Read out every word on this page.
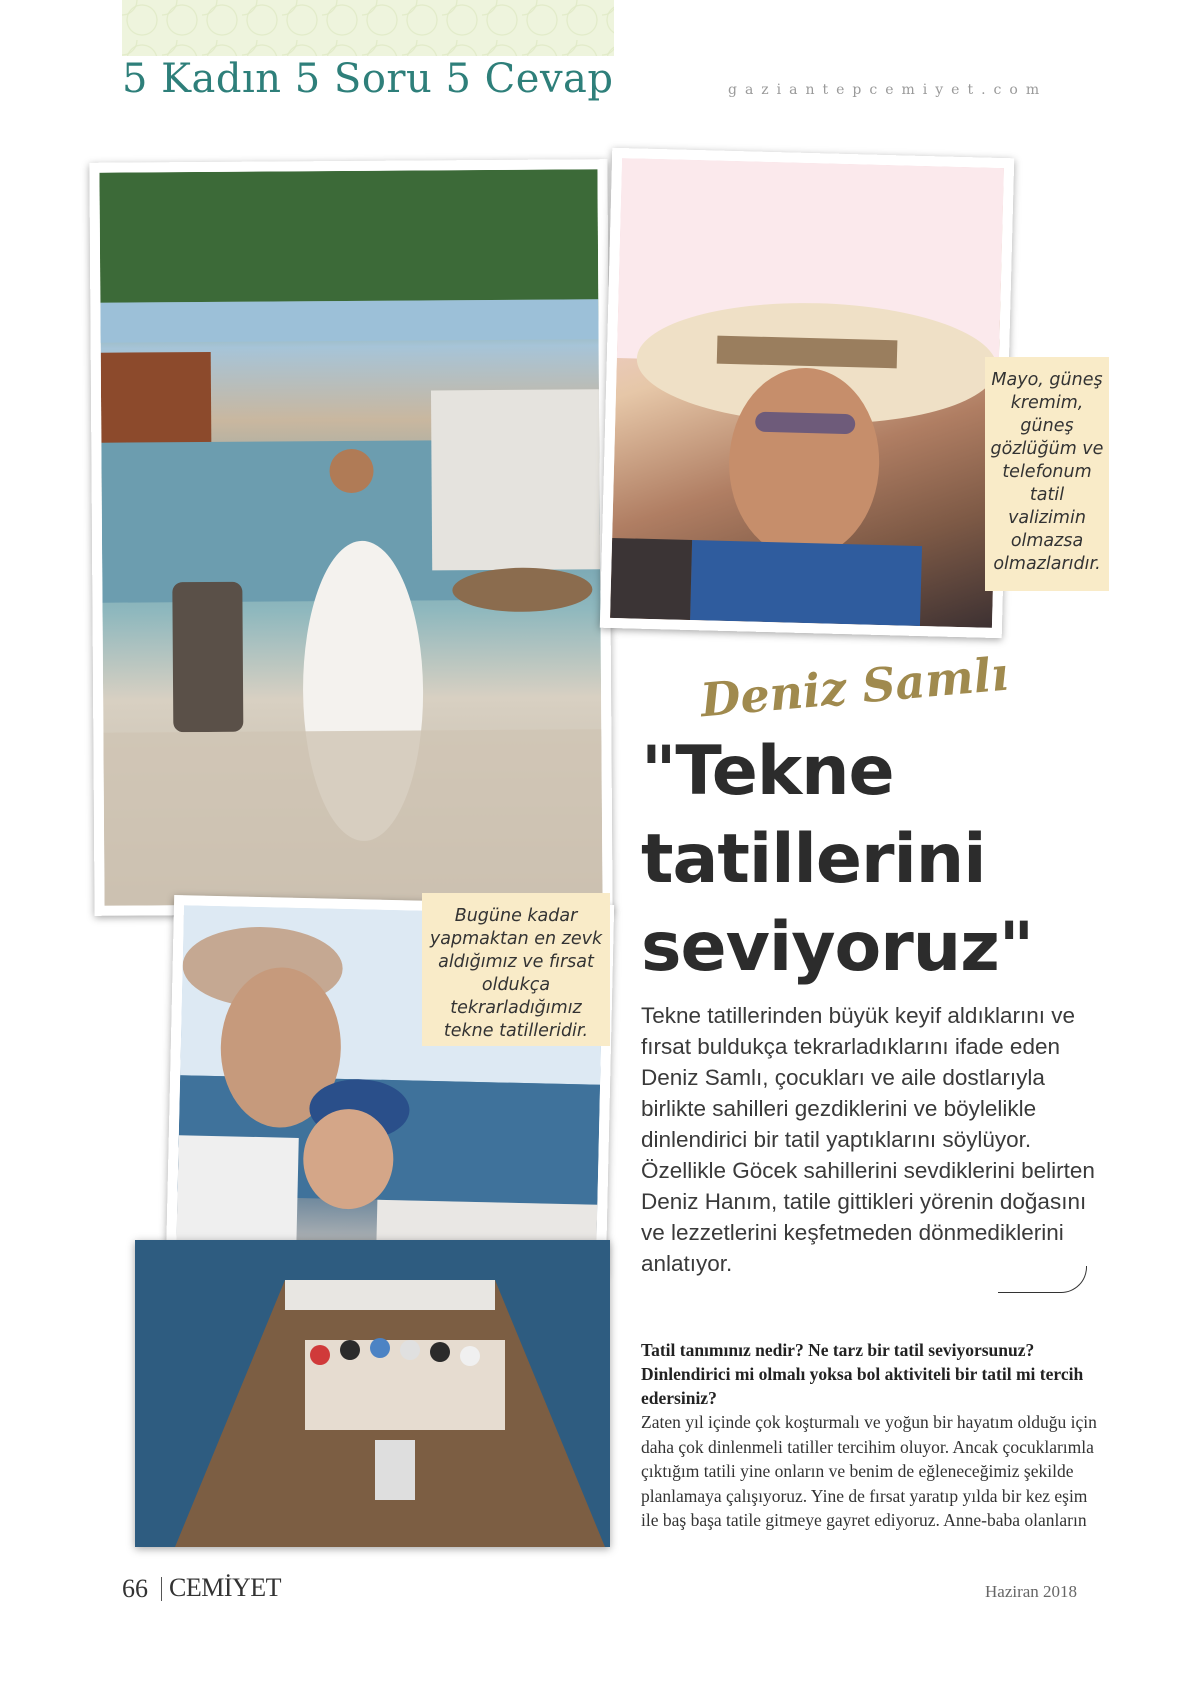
5 Kadın 5 Soru 5 Cevap	gaziantepcemiyet.com
Mayo, güneş kremim, güneş gözlüğüm ve telefonum tatil valizimin olmazsa olmazlarıdır.
Bugüne kadar yapmaktan en zevk aldığımız ve fırsat oldukça tekrarladığımız tekne tatilleridir.
Deniz Samlı
"Tekne tatillerini seviyoruz"
Tekne tatillerinden büyük keyif aldıklarını ve fırsat buldukça tekrarladıklarını ifade eden Deniz Samlı, çocukları ve aile dostlarıyla birlikte sahilleri gezdiklerini ve böylelikle dinlendirici bir tatil yaptıklarını söylüyor. Özellikle Göcek sahillerini sevdiklerini belirten Deniz Hanım, tatile gittikleri yörenin doğasını ve lezzetlerini keşfetmeden dönmediklerini anlatıyor.
Tatil tanımınız nedir? Ne tarz bir tatil seviyorsunuz? Dinlendirici mi olmalı yoksa bol aktiviteli bir tatil mi tercih edersiniz?
Zaten yıl içinde çok koşturmalı ve yoğun bir hayatım olduğu için daha çok dinlenmeli tatiller tercihim oluyor. Ancak çocuklarımla çıktığım tatili yine onların ve benim de eğleneceğimiz şekilde planlamaya çalışıyoruz. Yine de fırsat yaratıp yılda bir kez eşim ile baş başa tatile gitmeye gayret ediyoruz. Anne-baba olanların
66 CEMİYET	Haziran 2018
